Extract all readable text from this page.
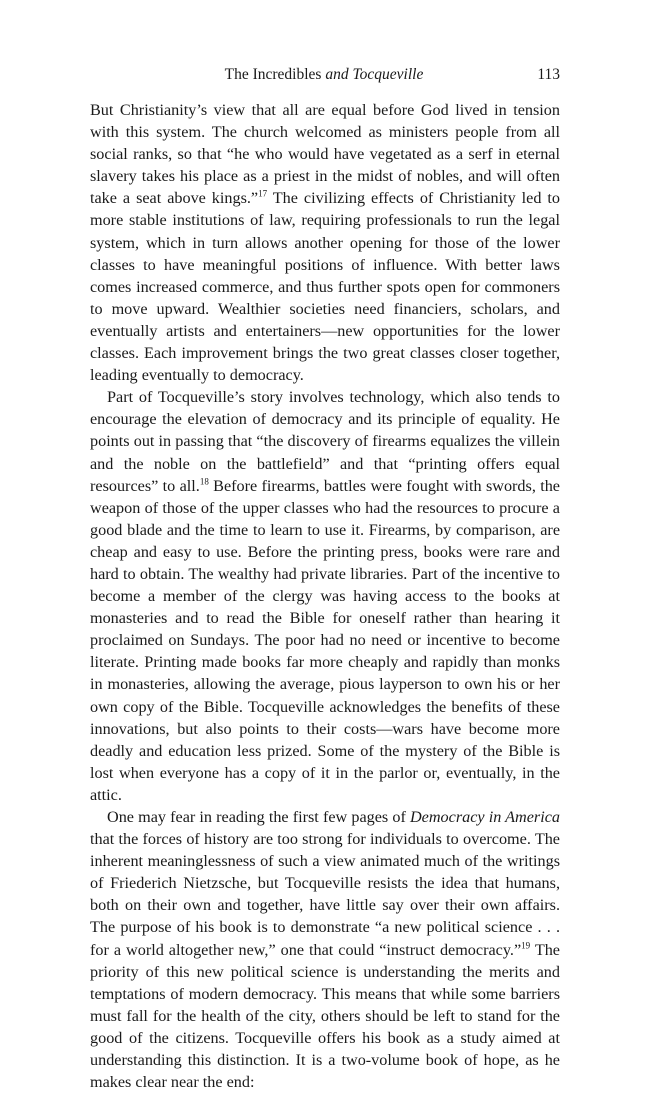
The Incredibles and Tocqueville	113

But Christianity’s view that all are equal before God lived in tension with this system. The church welcomed as ministers people from all social ranks, so that “he who would have vegetated as a serf in eternal slavery takes his place as a priest in the midst of nobles, and will often take a seat above kings.”$^{17}$ The civilizing effects of Christianity led to more stable institutions of law, requiring professionals to run the legal system, which in turn allows another opening for those of the lower classes to have meaningful positions of influence. With better laws comes increased commerce, and thus further spots open for commoners to move upward. Wealthier societies need financiers, scholars, and eventually artists and entertainers—new opportunities for the lower classes. Each improvement brings the two great classes closer together, leading eventually to democracy.

Part of Tocqueville’s story involves technology, which also tends to encourage the elevation of democracy and its principle of equality. He points out in passing that “the discovery of firearms equalizes the villein and the noble on the battlefield” and that “printing offers equal resources” to all.$^{18}$ Before firearms, battles were fought with swords, the weapon of those of the upper classes who had the resources to procure a good blade and the time to learn to use it. Firearms, by comparison, are cheap and easy to use. Before the printing press, books were rare and hard to obtain. The wealthy had private libraries. Part of the incentive to become a member of the clergy was having access to the books at monasteries and to read the Bible for oneself rather than hearing it proclaimed on Sundays. The poor had no need or incentive to become literate. Printing made books far more cheaply and rapidly than monks in monasteries, allowing the average, pious layperson to own his or her own copy of the Bible. Tocqueville acknowledges the benefits of these innovations, but also points to their costs—wars have become more deadly and education less prized. Some of the mystery of the Bible is lost when everyone has a copy of it in the parlor or, eventually, in the attic.

One may fear in reading the first few pages of Democracy in America that the forces of history are too strong for individuals to overcome. The inherent meaninglessness of such a view animated much of the writings of Friederich Nietzsche, but Tocqueville resists the idea that humans, both on their own and together, have little say over their own affairs. The purpose of his book is to demonstrate “a new political science . . . for a world altogether new,” one that could “instruct democracy.”$^{19}$ The priority of this new political science is understanding the merits and temptations of modern democracy. This means that while some barriers must fall for the health of the city, others should be left to stand for the good of the citizens. Tocqueville offers his book as a study aimed at understanding this distinction. It is a two-volume book of hope, as he makes clear near the end:
